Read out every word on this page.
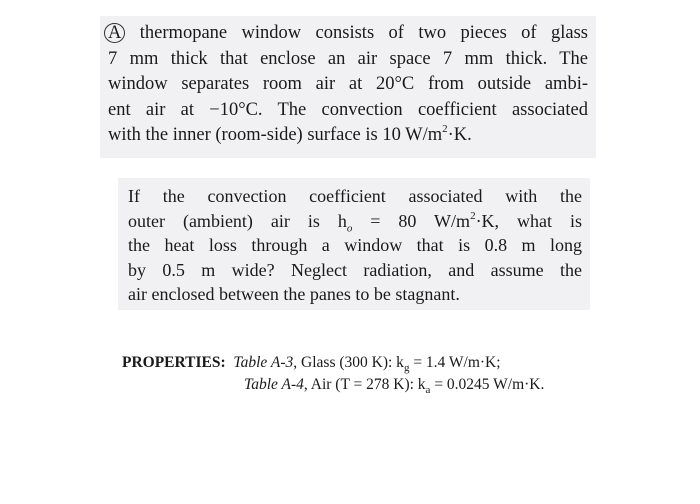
A thermopane window consists of two pieces of glass
7 mm thick that enclose an air space 7 mm thick. The
window separates room air at 20°C from outside ambi-
ent air at −10°C. The convection coefficient associated
with the inner (room-side) surface is 10 $W/m^2\cdot K$.
If the convection coefficient associated with the
outer (ambient) air is $h_o = 80$ $W/m^2\cdot K$, what is
the heat loss through a window that is 0.8 m long
by 0.5 m wide? Neglect radiation, and assume the
air enclosed between the panes to be stagnant.
PROPERTIES: Table A-3, Glass (300 K): $k_g = 1.4$ W/m·K;
Table A-4, Air (T = 278 K): $k_a = 0.0245$ W/m·K.
